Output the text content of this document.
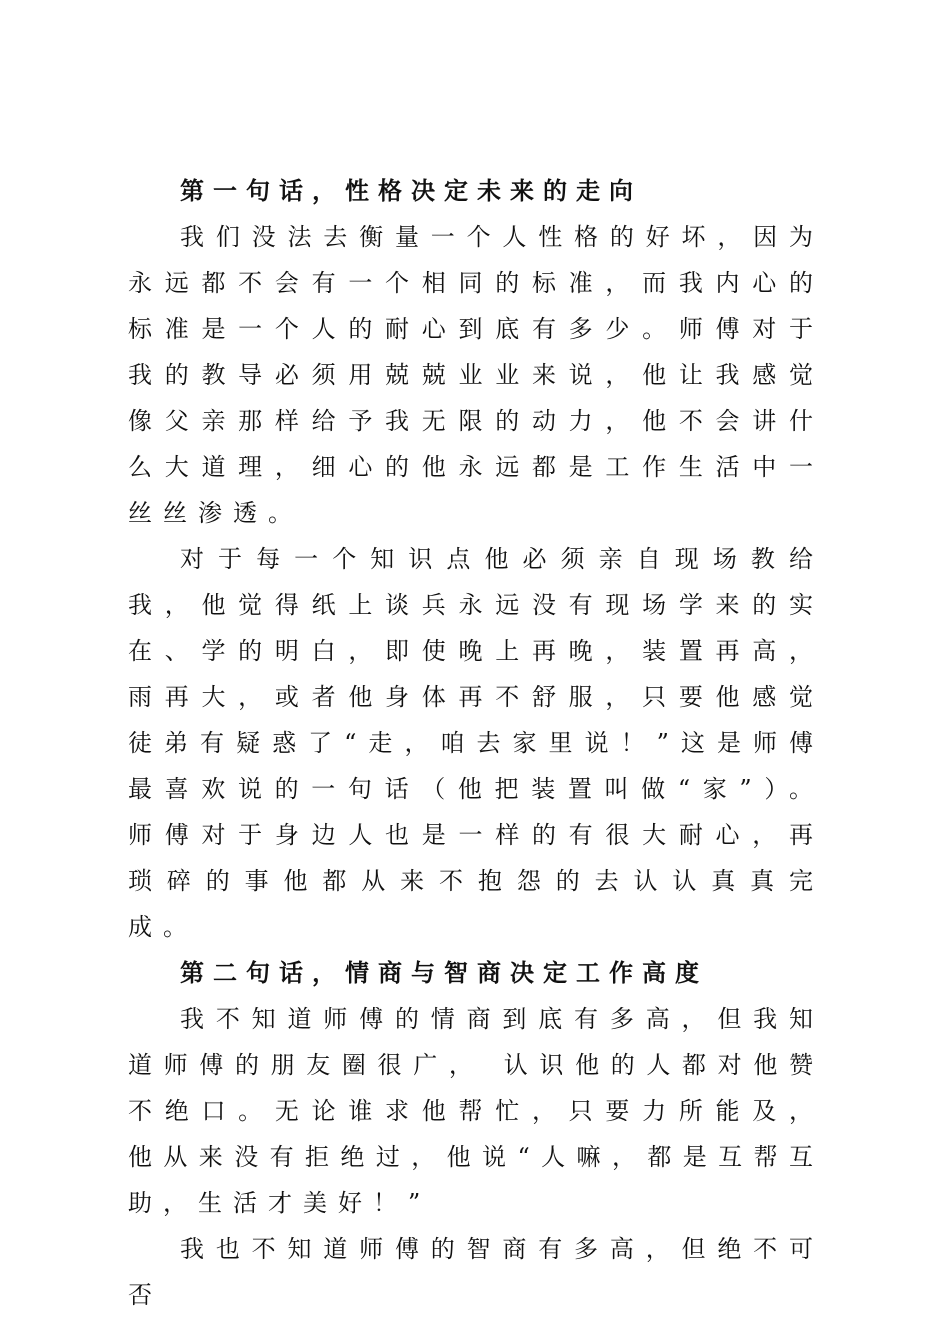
第一句话，性格决定未来的走向

我们没法去衡量一个人性格的好坏，因为永远都不会有一个相同的标准，而我内心的标准是一个人的耐心到底有多少。师傅对于我的教导必须用兢兢业业来说，他让我感觉像父亲那样给予我无限的动力，他不会讲什么大道理，细心的他永远都是工作生活中一丝丝渗透。

对于每一个知识点他必须亲自现场教给我，他觉得纸上谈兵永远没有现场学来的实在、学的明白，即使晚上再晚，装置再高，雨再大，或者他身体再不舒服，只要他感觉徒弟有疑惑了“走，咱去家里说！”这是师傅最喜欢说的一句话（他把装置叫做“家”）。师傅对于身边人也是一样的有很大耐心，再琐碎的事他都从来不抱怨的去认认真真完成。

第二句话，情商与智商决定工作高度

我不知道师傅的情商到底有多高，但我知道师傅的朋友圈很广， 认识他的人都对他赞不绝口。无论谁求他帮忙，只要力所能及，他从来没有拒绝过，他说“人嘛，都是互帮互助，生活才美好！”

我也不知道师傅的智商有多高，但绝不可否
